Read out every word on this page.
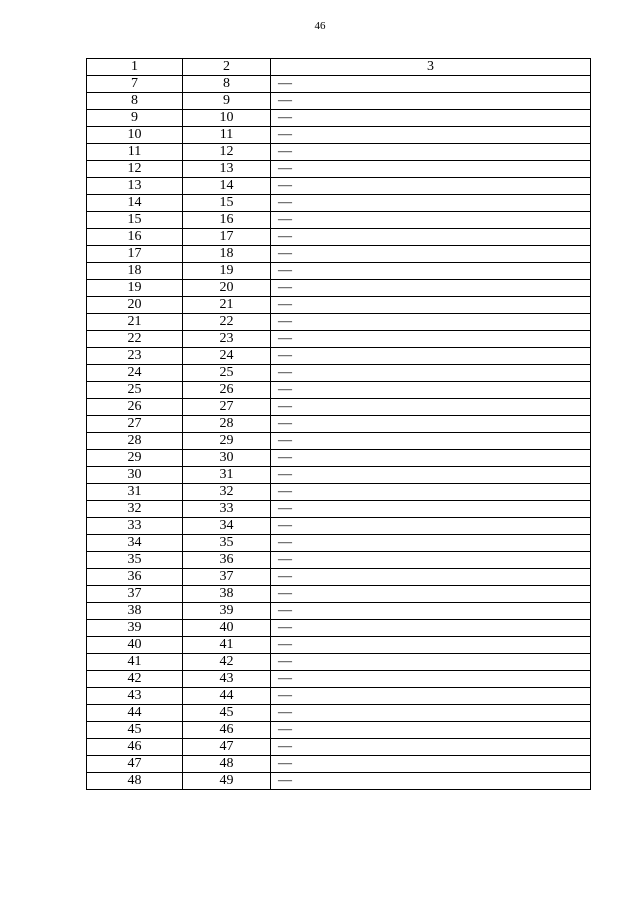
46
1	2	3
7	8	—
8	9	—
9	10	—
10	11	—
11	12	—
12	13	—
13	14	—
14	15	—
15	16	—
16	17	—
17	18	—
18	19	—
19	20	—
20	21	—
21	22	—
22	23	—
23	24	—
24	25	—
25	26	—
26	27	—
27	28	—
28	29	—
29	30	—
30	31	—
31	32	—
32	33	—
33	34	—
34	35	—
35	36	—
36	37	—
37	38	—
38	39	—
39	40	—
40	41	—
41	42	—
42	43	—
43	44	—
44	45	—
45	46	—
46	47	—
47	48	—
48	49	—
